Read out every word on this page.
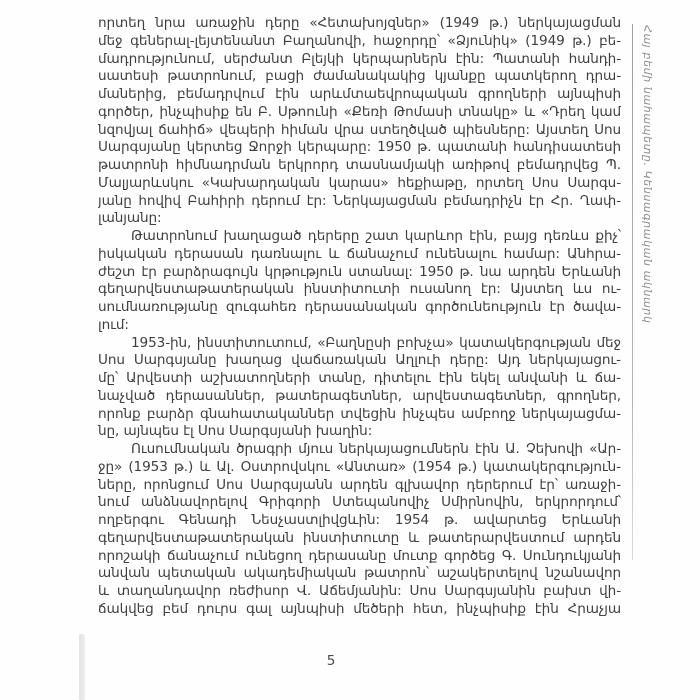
որտեղ նրա առաջին դերը «Հետախոյզներ» (1949 թ.) ներկայացման
մեջ գեներալ-լեյտենանտ Բաղանովի, հաջորդը՝ «Ձյունիկ» (1949 թ.) բե-
մադրությունում, սերժանտ Բլեյկի կերպարներն էին: Պատանի հանդի-
սատեսի թատրոնում, բացի ժամանակակից կյանքը պատկերող դրա-
մաներից, բեմադրվում էին արևմտաեվրոպական գրողների այնպիսի
գործեր, ինչպիսիք են Բ. Սթոունի «Քեռի Թոմասի տնակը» և «Դրեղ կամ
նզովյալ ճահիճ» վեպերի հիման վրա ստեղծված պիեսները: Այստեղ Սոս
Սարգսյանը կերտեց Ջորջի կերպարը: 1950 թ. պատանի հանդիսատեսի
թատրոնի հիմնադրման երկրորդ տասնամյակի առիթով բեմադրվեց Պ.
Մալյարևսկու «Կախարդական կարաս» հեքիաթը, որտեղ Սոս Սարգս-
յանը հովիվ Բահիրի դերում էր: Ներկայացման բեմադրիչն էր Հր. Ղափ-
լանյանը:
Թատրոնում խաղացած դերերը շատ կարևոր էին, բայց դեռևս քիչ՝
իսկական դերասան դառնալու և ճանաչում ունենալու համար: Անհրա-
ժեշտ էր բարձրագույն կրթություն ստանալ: 1950 թ. նա արդեն Երևանի
գեղարվեստաթատերական ինստիտուտի ուսանող էր: Այստեղ ևս ու-
սումնառությանը զուգահեռ դերասանական գործունեություն էր ծավա-
լում:
1953-ին, ինստիտուտում, «Բաղնըսի բոխչա» կատակերգության մեջ
Սոս Սարգսյանը խաղաց վաճառական Աղլուի դերը: Այդ ներկայացու-
մը՝ Արվեստի աշխատողների տանը, դիտելու էին եկել անվանի և ճա-
նաչված դերասաններ, թատերագետներ, արվեստագետներ, գրողներ,
որոնք բարձր գնահատականներ տվեցին ինչպես ամբողջ ներկայացմա-
նը, այնպես էլ Սոս Սարգսյանի խաղին:
Ուսումնական ծրագրի մյուս ներկայացումներն էին Ա. Չեխովի «Ար-
ջը» (1953 թ.) և Ալ. Օստրովսկու «Անտառ» (1954 թ.) կատակերգություն-
ները, որոնցում Սոս Սարգսյանն արդեն գլխավոր դերերում էր՝ առաջի-
նում անձնավորելով Գրիգորի Ստեպանովիչ Սմիրնովին, երկրորդում՝
ողբերգու Գենադի Նեսչաստլիվցևին: 1954 թ. ավարտեց Երևանի
գեղարվեստաթատերական ինստիտուտը և թատերարվեստում արդեն
որոշակի ճանաչում ունեցող դերասանը մուտք գործեց Գ. Սունդուկյանի
անվան պետական ակադեմիական թատրոն՝ աշակերտելով նշանավոր
և տաղանդավոր ռեժիսոր Վ. Աճեմյանին: Սոս Սարգսյանին բախտ վի-
ճակվեց բեմ դուրս գալ այնպիսի մեծերի հետ, ինչպիսիք էին Հրաչյա
Հայ բեմի նահապետը. Կենսագրական ակնարկ
5
